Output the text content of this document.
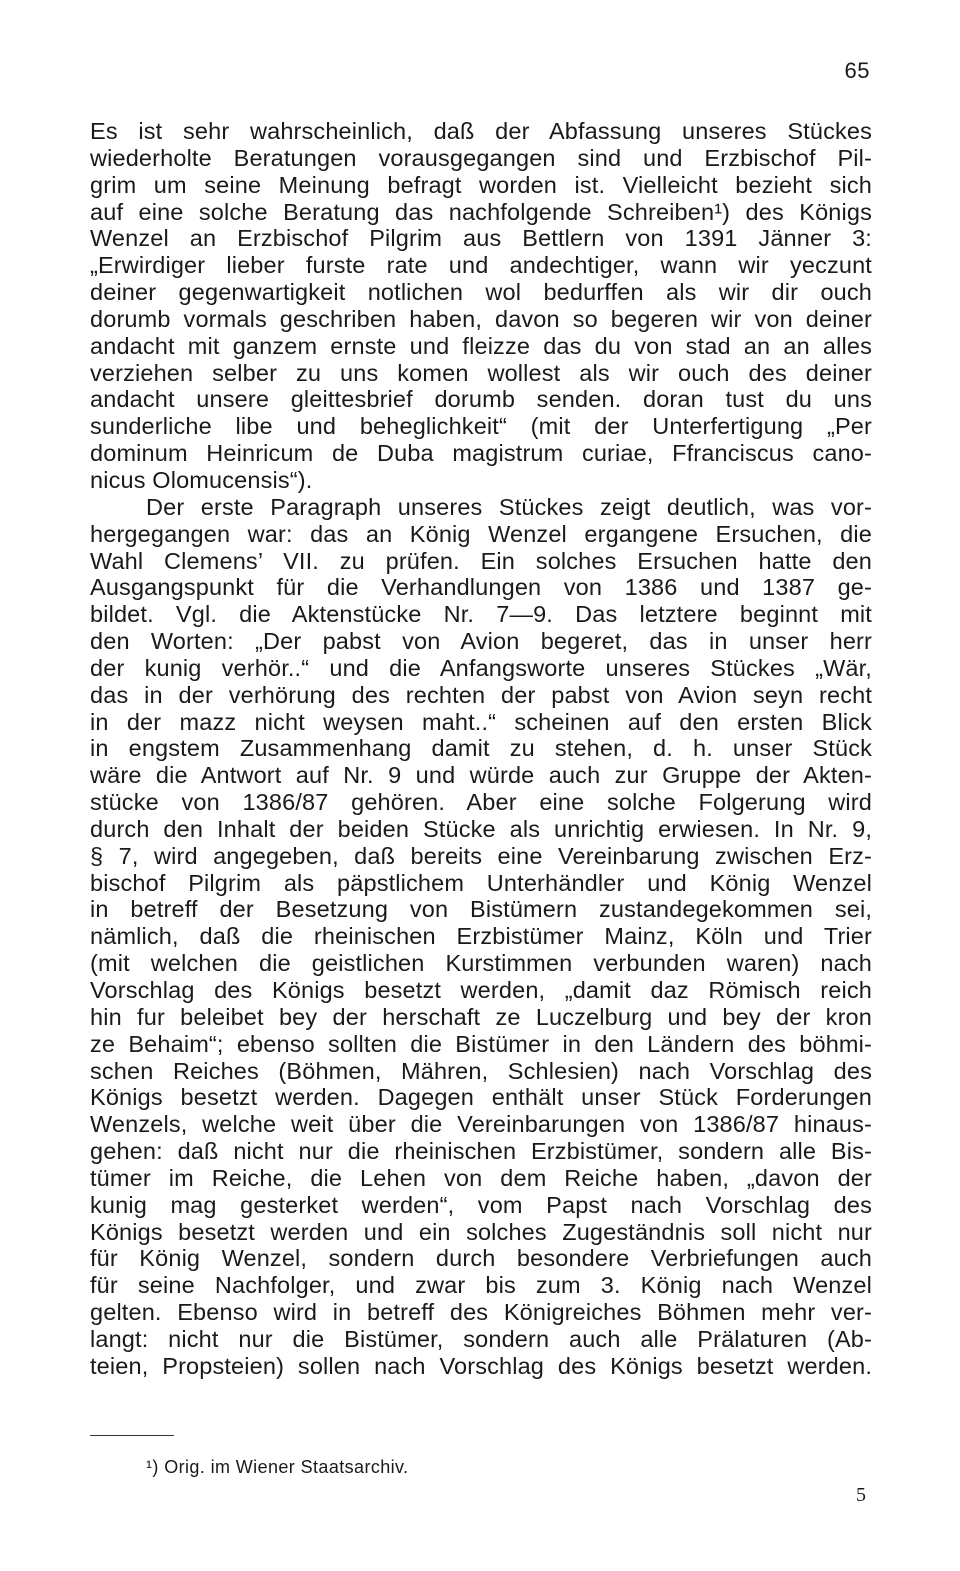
65
Es ist sehr wahrscheinlich, daß der Abfassung unseres Stückes
wiederholte Beratungen vorausgegangen sind und Erzbischof Pil-
grim um seine Meinung befragt worden ist. Vielleicht bezieht sich
auf eine solche Beratung das nachfolgende Schreiben¹) des Königs
Wenzel an Erzbischof Pilgrim aus Bettlern von 1391 Jänner 3:
„Erwirdiger lieber furste rate und andechtiger, wann wir yeczunt
deiner gegenwartigkeit notlichen wol bedurffen als wir dir ouch
dorumb vormals geschriben haben, davon so begeren wir von deiner
andacht mit ganzem ernste und fleizze das du von stad an an alles
verziehen selber zu uns komen wollest als wir ouch des deiner
andacht unsere gleittesbrief dorumb senden. doran tust du uns
sunderliche libe und beheglichkeit“ (mit der Unterfertigung „Per
dominum Heinricum de Duba magistrum curiae, Ffranciscus cano-
nicus Olomucensis“).
Der erste Paragraph unseres Stückes zeigt deutlich, was vor-
hergegangen war: das an König Wenzel ergangene Ersuchen, die
Wahl Clemens’ VII. zu prüfen. Ein solches Ersuchen hatte den
Ausgangspunkt für die Verhandlungen von 1386 und 1387 ge-
bildet. Vgl. die Aktenstücke Nr. 7—9. Das letztere beginnt mit
den Worten: „Der pabst von Avion begeret, das in unser herr
der kunig verhör..“ und die Anfangsworte unseres Stückes „Wär,
das in der verhörung des rechten der pabst von Avion seyn recht
in der mazz nicht weysen maht..“ scheinen auf den ersten Blick
in engstem Zusammenhang damit zu stehen, d. h. unser Stück
wäre die Antwort auf Nr. 9 und würde auch zur Gruppe der Akten-
stücke von 1386/87 gehören. Aber eine solche Folgerung wird
durch den Inhalt der beiden Stücke als unrichtig erwiesen. In Nr. 9,
§ 7, wird angegeben, daß bereits eine Vereinbarung zwischen Erz-
bischof Pilgrim als päpstlichem Unterhändler und König Wenzel
in betreff der Besetzung von Bistümern zustandegekommen sei,
nämlich, daß die rheinischen Erzbistümer Mainz, Köln und Trier
(mit welchen die geistlichen Kurstimmen verbunden waren) nach
Vorschlag des Königs besetzt werden, „damit daz Römisch reich
hin fur beleibet bey der herschaft ze Luczelburg und bey der kron
ze Behaim“; ebenso sollten die Bistümer in den Ländern des böhmi-
schen Reiches (Böhmen, Mähren, Schlesien) nach Vorschlag des
Königs besetzt werden. Dagegen enthält unser Stück Forderungen
Wenzels, welche weit über die Vereinbarungen von 1386/87 hinaus-
gehen: daß nicht nur die rheinischen Erzbistümer, sondern alle Bis-
tümer im Reiche, die Lehen von dem Reiche haben, „davon der
kunig mag gesterket werden“, vom Papst nach Vorschlag des
Königs besetzt werden und ein solches Zugeständnis soll nicht nur
für König Wenzel, sondern durch besondere Verbriefungen auch
für seine Nachfolger, und zwar bis zum 3. König nach Wenzel
gelten. Ebenso wird in betreff des Königreiches Böhmen mehr ver-
langt: nicht nur die Bistümer, sondern auch alle Prälaturen (Ab-
teien, Propsteien) sollen nach Vorschlag des Königs besetzt werden.
¹) Orig. im Wiener Staatsarchiv.
5
